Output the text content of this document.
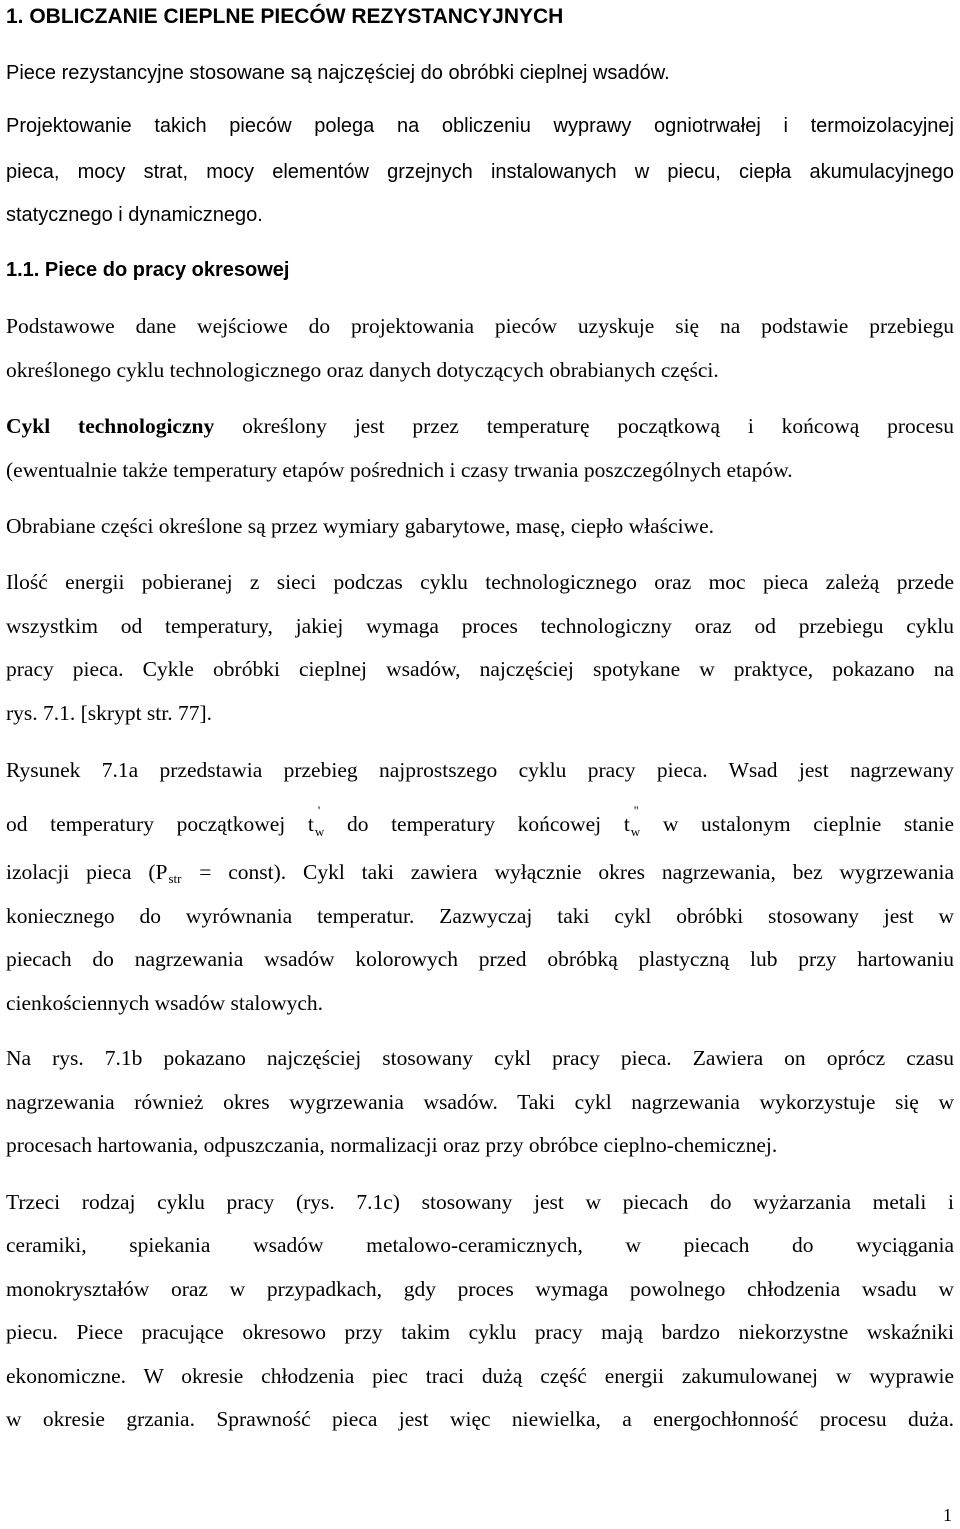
1. OBLICZANIE CIEPLNE PIECÓW REZYSTANCYJNYCH
Piece rezystancyjne stosowane są najczęściej do obróbki cieplnej wsadów.
Projektowanie takich pieców polega na obliczeniu wyprawy ogniotrwałej i termoizolacyjnej
pieca, mocy strat, mocy elementów grzejnych instalowanych w piecu, ciepła akumulacyjnego
statycznego i dynamicznego.
1.1. Piece do pracy okresowej
Podstawowe dane wejściowe do projektowania pieców uzyskuje się na podstawie przebiegu
określonego cyklu technologicznego oraz danych dotyczących obrabianych części.
Cykl technologiczny określony jest przez temperaturę początkową i końcową procesu
(ewentualnie także temperatury etapów pośrednich i czasy trwania poszczególnych etapów.
Obrabiane części określone są przez wymiary gabarytowe, masę, ciepło właściwe.
Ilość energii pobieranej z sieci podczas cyklu technologicznego oraz moc pieca zależą przede
wszystkim od temperatury, jakiej wymaga proces technologiczny oraz od przebiegu cyklu
pracy pieca. Cykle obróbki cieplnej wsadów, najczęściej spotykane w praktyce, pokazano na
rys. 7.1. [skrypt str. 77].
Rysunek 7.1a przedstawia przebieg najprostszego cyklu pracy pieca. Wsad jest nagrzewany
od temperatury początkowej t
'
$_w$ do temperatury końcowej t
''
$_w$ w ustalonym cieplnie stanie
izolacji pieca (Pstr = const). Cykl taki zawiera wyłącznie okres nagrzewania, bez wygrzewania
koniecznego do wyrównania temperatur. Zazwyczaj taki cykl obróbki stosowany jest w
piecach do nagrzewania wsadów kolorowych przed obróbką plastyczną lub przy hartowaniu
cienkościennych wsadów stalowych.
Na rys. 7.1b pokazano najczęściej stosowany cykl pracy pieca. Zawiera on oprócz czasu
nagrzewania również okres wygrzewania wsadów. Taki cykl nagrzewania wykorzystuje się w
procesach hartowania, odpuszczania, normalizacji oraz przy obróbce cieplno-chemicznej.
Trzeci rodzaj cyklu pracy (rys. 7.1c) stosowany jest w piecach do wyżarzania metali i
ceramiki, spiekania wsadów metalowo-ceramicznych, w piecach do wyciągania
monokryształów oraz w przypadkach, gdy proces wymaga powolnego chłodzenia wsadu w
piecu. Piece pracujące okresowo przy takim cyklu pracy mają bardzo niekorzystne wskaźniki
ekonomiczne. W okresie chłodzenia piec traci dużą część energii zakumulowanej w wyprawie
w okresie grzania. Sprawność pieca jest więc niewielka, a energochłonność procesu duża.
1
